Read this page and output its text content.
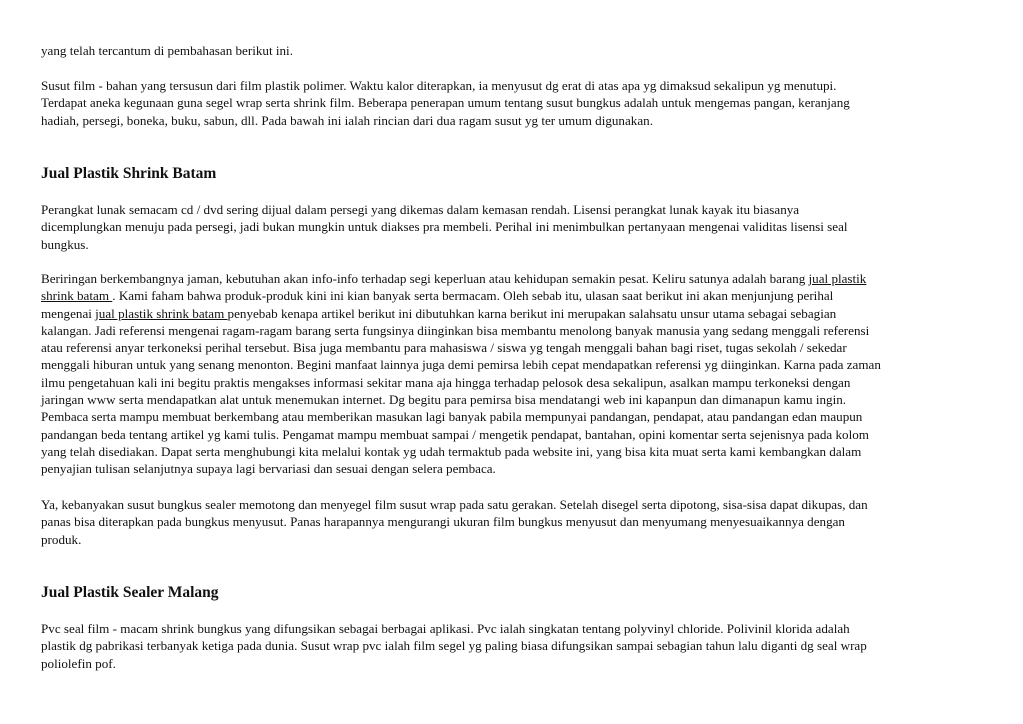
yang telah tercantum di pembahasan berikut ini.
Susut film - bahan yang tersusun dari film plastik polimer. Waktu kalor diterapkan, ia menyusut dg erat di atas apa yg dimaksud sekalipun yg menutupi.
Terdapat aneka kegunaan guna segel wrap serta shrink film. Beberapa penerapan umum tentang susut bungkus adalah untuk mengemas pangan, keranjang
hadiah, persegi, boneka, buku, sabun, dll. Pada bawah ini ialah rincian dari dua ragam susut yg ter umum digunakan.
Jual Plastik Shrink Batam
Perangkat lunak semacam cd / dvd sering dijual dalam persegi yang dikemas dalam kemasan rendah. Lisensi perangkat lunak kayak itu biasanya
dicemplungkan menuju pada persegi, jadi bukan mungkin untuk diakses pra membeli. Perihal ini menimbulkan pertanyaan mengenai validitas lisensi seal
bungkus.
Beriringan berkembangnya jaman, kebutuhan akan info-info terhadap segi keperluan atau kehidupan semakin pesat. Keliru satunya adalah barang jual plastik
shrink batam . Kami faham bahwa produk-produk kini ini kian banyak serta bermacam. Oleh sebab itu, ulasan saat berikut ini akan menjunjung perihal
mengenai jual plastik shrink batam penyebab kenapa artikel berikut ini dibutuhkan karna berikut ini merupakan salahsatu unsur utama sebagai sebagian
kalangan. Jadi referensi mengenai ragam-ragam barang serta fungsinya diinginkan bisa membantu menolong banyak manusia yang sedang menggali referensi
atau referensi anyar terkoneksi perihal tersebut. Bisa juga membantu para mahasiswa / siswa yg tengah menggali bahan bagi riset, tugas sekolah / sekedar
menggali hiburan untuk yang senang menonton. Begini manfaat lainnya juga demi pemirsa lebih cepat mendapatkan referensi yg diinginkan. Karna pada zaman
ilmu pengetahuan kali ini begitu praktis mengakses informasi sekitar mana aja hingga terhadap pelosok desa sekalipun, asalkan mampu terkoneksi dengan
jaringan www serta mendapatkan alat untuk menemukan internet. Dg begitu para pemirsa bisa mendatangi web ini kapanpun dan dimanapun kamu ingin.
Pembaca serta mampu membuat berkembang atau memberikan masukan lagi banyak pabila mempunyai pandangan, pendapat, atau pandangan edan maupun
pandangan beda tentang artikel yg kami tulis. Pengamat mampu membuat sampai / mengetik pendapat, bantahan, opini komentar serta sejenisnya pada kolom
yang telah disediakan. Dapat serta menghubungi kita melalui kontak yg udah termaktub pada website ini, yang bisa kita muat serta kami kembangkan dalam
penyajian tulisan selanjutnya supaya lagi bervariasi dan sesuai dengan selera pembaca.
Ya, kebanyakan susut bungkus sealer memotong dan menyegel film susut wrap pada satu gerakan. Setelah disegel serta dipotong, sisa-sisa dapat dikupas, dan
panas bisa diterapkan pada bungkus menyusut. Panas harapannya mengurangi ukuran film bungkus menyusut dan menyumang menyesuaikannya dengan
produk.
Jual Plastik Sealer Malang
Pvc seal film - macam shrink bungkus yang difungsikan sebagai berbagai aplikasi. Pvc ialah singkatan tentang polyvinyl chloride. Polivinil klorida adalah
plastik dg pabrikasi terbanyak ketiga pada dunia. Susut wrap pvc ialah film segel yg paling biasa difungsikan sampai sebagian tahun lalu diganti dg seal wrap
poliolefin pof.
